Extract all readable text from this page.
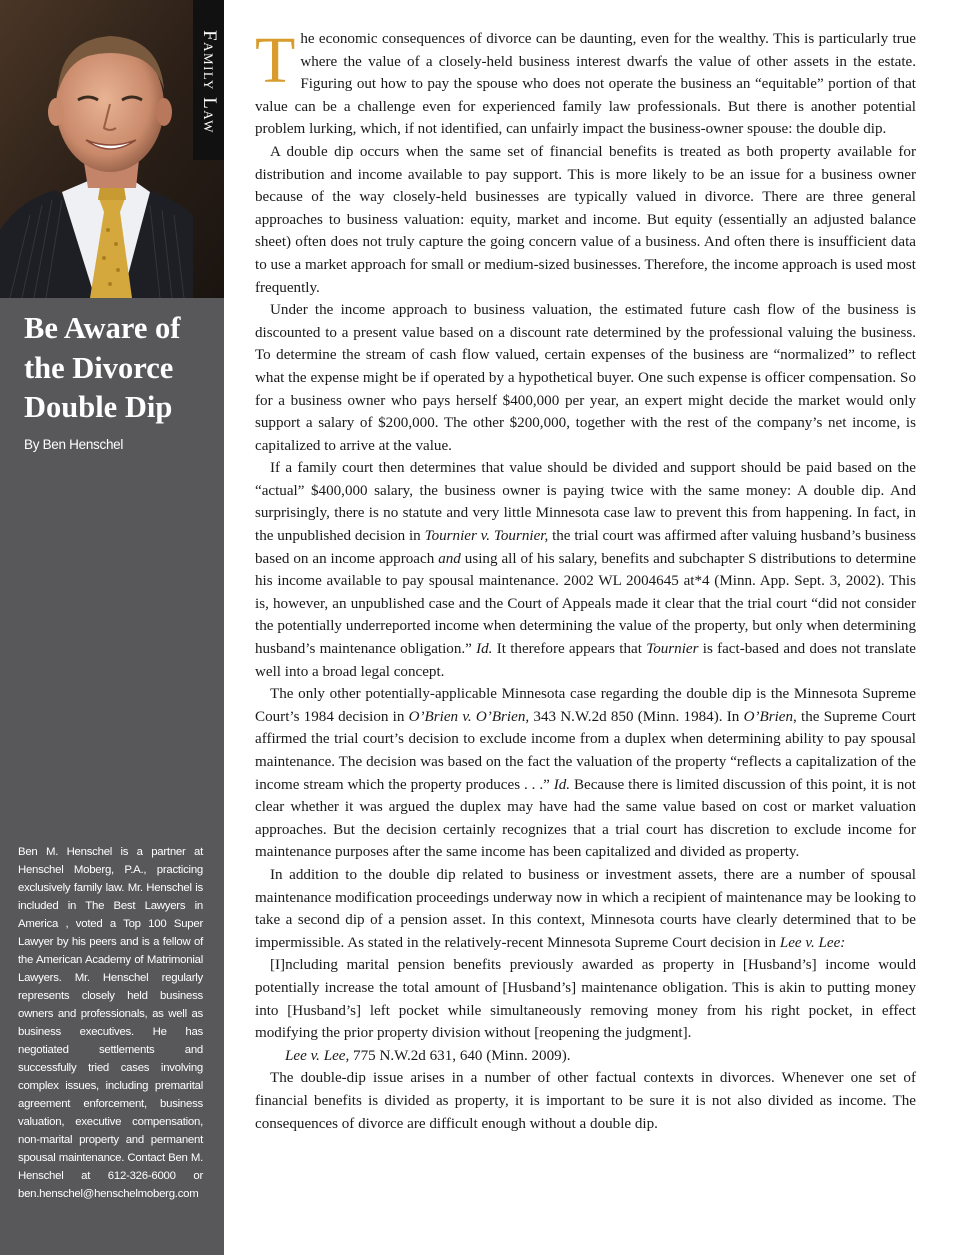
Family Law
Be Aware of the Divorce Double Dip
By Ben Henschel

Ben M. Henschel is a partner at Henschel Moberg, P.A., practicing exclusively family law. Mr. Henschel is included in The Best Lawyers in America , voted a Top 100 Super Lawyer by his peers and is a fellow of the American Academy of Matrimonial Lawyers. Mr. Henschel regularly represents closely held business owners and professionals, as well as business executives. He has negotiated settlements and successfully tried cases involving complex issues, including premarital agreement enforcement, business valuation, executive compensation, non-marital property and permanent spousal maintenance. Contact Ben M. Henschel at 612-326-6000 or ben.henschel@henschelmoberg.com

The economic consequences of divorce can be daunting, even for the wealthy. This is particularly true where the value of a closely-held business interest dwarfs the value of other assets in the estate. Figuring out how to pay the spouse who does not operate the business an “equitable” portion of that value can be a challenge even for experienced family law professionals. But there is another potential problem lurking, which, if not identified, can unfairly impact the business-owner spouse: the double dip.

A double dip occurs when the same set of financial benefits is treated as both property available for distribution and income available to pay support. This is more likely to be an issue for a business owner because of the way closely-held businesses are typically valued in divorce. There are three general approaches to business valuation: equity, market and income. But equity (essentially an adjusted balance sheet) often does not truly capture the going concern value of a business. And often there is insufficient data to use a market approach for small or medium-sized businesses. Therefore, the income approach is used most frequently.

Under the income approach to business valuation, the estimated future cash flow of the business is discounted to a present value based on a discount rate determined by the professional valuing the business. To determine the stream of cash flow valued, certain expenses of the business are “normalized” to reflect what the expense might be if operated by a hypothetical buyer. One such expense is officer compensation. So for a business owner who pays herself $400,000 per year, an expert might decide the market would only support a salary of $200,000. The other $200,000, together with the rest of the company’s net income, is capitalized to arrive at the value.

If a family court then determines that value should be divided and support should be paid based on the “actual” $400,000 salary, the business owner is paying twice with the same money: A double dip. And surprisingly, there is no statute and very little Minnesota case law to prevent this from happening. In fact, in the unpublished decision in Tournier v. Tournier, the trial court was affirmed after valuing husband’s business based on an income approach and using all of his salary, benefits and subchapter S distributions to determine his income available to pay spousal maintenance. 2002 WL 2004645 at*4 (Minn. App. Sept. 3, 2002). This is, however, an unpublished case and the Court of Appeals made it clear that the trial court “did not consider the potentially underreported income when determining the value of the property, but only when determining husband’s maintenance obligation.” Id. It therefore appears that Tournier is fact-based and does not translate well into a broad legal concept.

The only other potentially-applicable Minnesota case regarding the double dip is the Minnesota Supreme Court’s 1984 decision in O’Brien v. O’Brien, 343 N.W.2d 850 (Minn. 1984). In O’Brien, the Supreme Court affirmed the trial court’s decision to exclude income from a duplex when determining ability to pay spousal maintenance. The decision was based on the fact the valuation of the property “reflects a capitalization of the income stream which the property produces . . .” Id. Because there is limited discussion of this point, it is not clear whether it was argued the duplex may have had the same value based on cost or market valuation approaches. But the decision certainly recognizes that a trial court has discretion to exclude income for maintenance purposes after the same income has been capitalized and divided as property.

In addition to the double dip related to business or investment assets, there are a number of spousal maintenance modification proceedings underway now in which a recipient of maintenance may be looking to take a second dip of a pension asset. In this context, Minnesota courts have clearly determined that to be impermissible. As stated in the relatively-recent Minnesota Supreme Court decision in Lee v. Lee:

[I]ncluding marital pension benefits previously awarded as property in [Husband’s] income would potentially increase the total amount of [Husband’s] maintenance obligation. This is akin to putting money into [Husband’s] left pocket while simultaneously removing money from his right pocket, in effect modifying the prior property division without [reopening the judgment].

Lee v. Lee, 775 N.W.2d 631, 640 (Minn. 2009).

The double-dip issue arises in a number of other factual contexts in divorces. Whenever one set of financial benefits is divided as property, it is important to be sure it is not also divided as income. The consequences of divorce are difficult enough without a double dip.
